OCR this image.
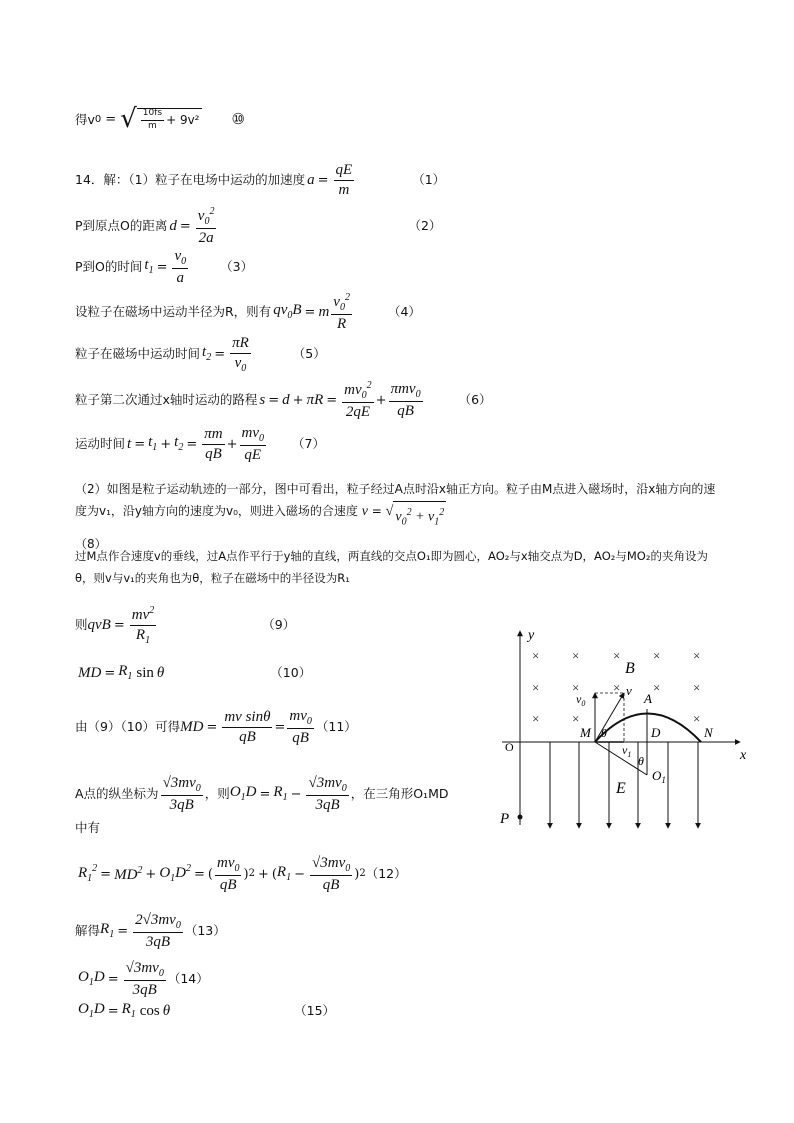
得v 0 = √ $\frac{10fs}{m} + 9v^2$ ⑩
14．解：（1）粒子在电场中运动的加速度 $a = \frac{qE}{m}$	（1）
P到原点O的距离 $d = \frac{v_0^2}{2a}$	（2）
P到O的时间 $t_1 = \frac{v_0}{a}$	（3）
设粒子在磁场中运动半径为R，则有 $qv_0B = m \frac{v_0^2}{R}$	（4）
粒子在磁场中运动时间 $t_2 = \frac{\pi R}{v_0}$	（5）
粒子第二次通过x轴时运动的路程 $s = d + \pi R = \frac{mv_0^2}{2qE} + \frac{\pi mv_0}{qB}$	（6）
运动时间 $t = t_1 + t_2 = \frac{\pi m}{qB} + \frac{mv_0}{qE} (7)$
（2）如图是粒子运动轨迹的一部分，图中可看出，粒子经过A点时沿x轴正方向。粒子由M点进入磁场时，沿x轴方向的速度为v₁，沿y轴方向的速度为v₀，则进入磁场的合速度 v = √ $v_0^2 + v_1^2$

（8）
过M点作合速度v的垂线，过A点作平行于y轴的直线，两直线的交点O₁即为圆心，AO₂与x轴交点为D，AO₂与MO₂的夹角设为θ，则v与v₁的夹角也为θ，粒子在磁场中的半径设为R₁
则 qvB = $\frac{mv^2}{R_1}$	（9）
MD = $R_1$ sin θ	（10）
由（9）（10）可得 MD = $\frac{\text{mv sinθ}}{qB} = \frac{mv_0}{qB} (11)$
A点的纵坐标为 $\frac{√3mv_0}{3qB}$ ，则 $O_1D = R_1 - \frac{√3mv_0}{3qB}$ ，在三角形O₁MD
中有
$R_1^2 = MD^2 + O_1D^2$ = ( $\frac{mv_0}{qB}$ ) 2 + ( $R_1 - \frac{√3mv_0}{qB}$ ) 2 （12）
解得 $R_1 = \frac{2√3mv_0}{3qB} (13)$
$O_1D = \frac{√3mv_0}{3qB} (14)$
$O_1D = R_1$ cos θ	（15）
y
x
O
×	×	×	×	×
×	×	×	×	×
×	×	×
B
E
P
M	N
A
D
$O_1$
θ
$v_0$
v
$v_1$
θ
